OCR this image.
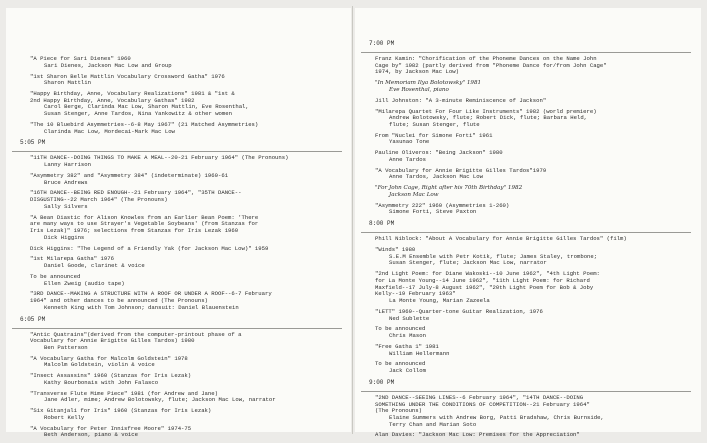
"A Piece for Sari Dienes" 1960
Sari Dienes, Jackson Mac Low and Group
"1st Sharon Belle Mattlin Vocabulary Crossword Gatha" 1976
Sharon Mattlin
"Happy Birthday, Anne, Vocabulary Realizations" 1981 & "1st &
2nd Happy Birthday, Anne, Vocabulary Gathas" 1982
Carol Berge, Clarinda Mac Low, Sharon Mattlin, Eve Rosenthal,
Susan Stenger, Anne Tardos, Nina Yankowitz & other women
"The 10 Bluebird Asymmetries--6-8 May 1967" (21 Matched Asymmetries)
Clarinda Mac Low, Mordecai-Mark Mac Low
5:05 PM
"11TH DANCE--DOING THINGS TO MAKE A MEAL--20-21 February 1964" (The Pronouns)
Lanny Harrison
"Asymmetry 382" and "Asymmetry 384" (indeterminate) 1960-61
Bruce Andrews
"16TH DANCE--BEING RED ENOUGH--21 February 1964", "35TH DANCE--
DISGUSTING--22 March 1964" (The Pronouns)
Sally Silvers
"A Bean Diastic for Alison Knowles from an Earlier Bean Poem: 'There
are many ways to use Strayer's Vegetable Soybeans' (from Stanzas for
Iris Lezak)" 1976; selections from Stanzas for Iris Lezak 1960
Dick Higgins
Dick Higgins: "The Legend of a Friendly Yak (for Jackson Mac Low)" 1959
"1st Milarepa Gatha" 1976
Daniel Goode, clarinet & voice
To be announced
Ellen Zweig (audio tape)
"3RD DANCE--MAKING A STRUCTURE WITH A ROOF OR UNDER A ROOF--6-7 February
1964" and other dances to be announced (The Pronouns)
Kenneth King with Tom Johnson; dansuit: Daniel Blauenstein
6:05 PM
"Antic Quatrains"(derived from the computer-printout phase of a
Vocabulary for Annie Brigitte Gilles Tardos) 1980
Ben Patterson
"A Vocabulary Gatha for Malcolm Goldstein" 1978
Malcolm Goldstein, violin & voice
"Insect Assassins" 1960 (Stanzas for Iris Lezak)
Kathy Bourbonais with John Falasco
"Transverse Flute Mime Piece" 1981 (for Andrew and Jane)
Jane Adler, mime; Andrew Bolotowsky, flute; Jackson Mac Low, narrator
"Six Gitanjali for Iris" 1960 (Stanzas for Iris Lezak)
Robert Kelly
"A Vocabulary for Peter Innisfree Moore" 1974-75
Beth Anderson, piano & voice
7:00 PM
Franz Kamin: "Chorification of the Phoneme Dances on the Name John
Cage by" 1982 (partly derived from "Phoneme Dance for/from John Cage"
1974, by Jackson Mac Low)
"In Memoriam Ilya Bolotowsky" 1981
Eve Rosenthal, piano
Jill Johnston: "A 3-minute Reminiscence of Jackson"
"Milarepa Quartet For Four Like Instruments" 1982 (world premiere)
Andrew Bolotowsky, flute; Robert Dick, flute; Barbara Held,
flute; Susan Stenger, flute
From "Nuclei for Simone Forti" 1961
Yasunao Tone
Pauline Oliveros: "Being Jackson" 1980
Anne Tardos
"A Vocabulary for Annie Brigitte Gilles Tardos"1979
Anne Tardos, Jackson Mac Low
"For John Cage, Right after his 70th Birthday" 1982
Jackson Mac Low
"Asymmetry 222" 1960 (Asymmetries 1-260)
Simone Forti, Steve Paxton
8:00 PM
Phill Niblock: "About A Vocabulary for Annie Brigitte Gilles Tardos" (film)
"Winds" 1980
S.E.M Ensemble with Petr Kotik, flute; James Staley, trombone;
Susan Stenger, flute; Jackson Mac Low, narrator
"2nd Light Poem: for Diane Wakoski--10 June 1962", "4th Light Poem:
for La Monte Young--14 June 1962", "11th Light Poem: for Richard
Maxfield--17 July-8 August 1962", "20th Light Poem for Bob & Joby
Kelly--19 February 1963"
La Monte Young, Marian Zazeela
"LETT" 1969--Quarter-tone Guitar Realization, 1976
Ned Sublette
To be announced
Chris Mason
"Free Gatha 1" 1981
William Hellermann
To be announced
Jack Collom
9:00 PM
"2ND DANCE--SEEING LINES--6 February 1964", "14TH DANCE--DOING
SOMETHING UNDER THE CONDITIONS OF COMPETITION--21 February 1964"
(The Pronouns)
Elaine Summers with Andrew Borg, Patti Bradshaw, Chris Burnside,
Terry Chan and Marian Soto
Alan Davies: "Jackson Mac Low: Premises for the Appreciation"
